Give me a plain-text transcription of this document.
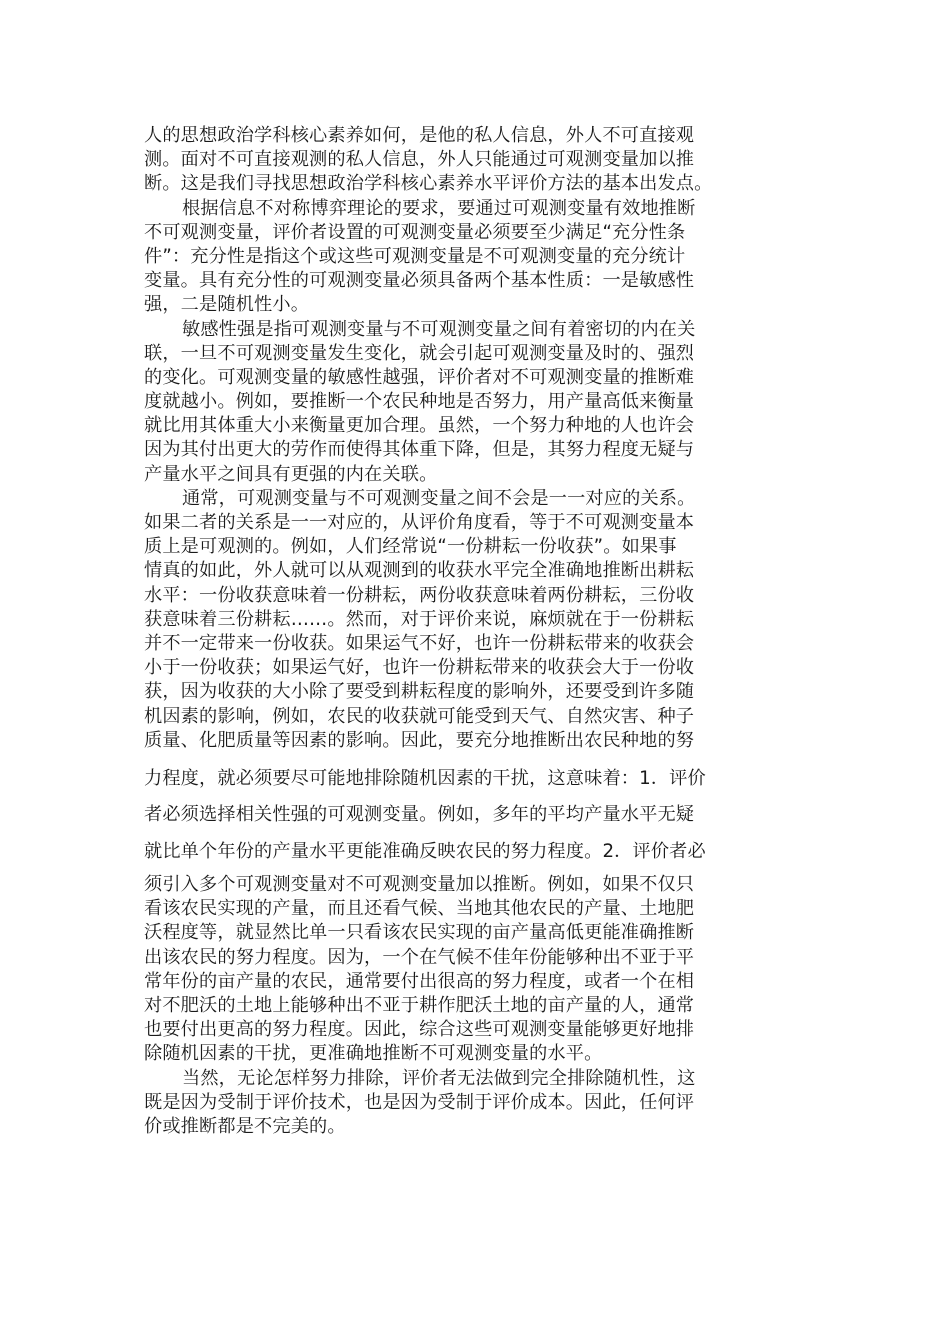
人的思想政治学科核心素养如何，是他的私人信息，外人不可直接观
测。面对不可直接观测的私人信息，外人只能通过可观测变量加以推
断。这是我们寻找思想政治学科核心素养水平评价方法的基本出发点。
根据信息不对称博弈理论的要求，要通过可观测变量有效地推断
不可观测变量，评价者设置的可观测变量必须要至少满足“充分性条
件”：充分性是指这个或这些可观测变量是不可观测变量的充分统计
变量。具有充分性的可观测变量必须具备两个基本性质：一是敏感性
强，二是随机性小。
敏感性强是指可观测变量与不可观测变量之间有着密切的内在关
联，一旦不可观测变量发生变化，就会引起可观测变量及时的、强烈
的变化。可观测变量的敏感性越强，评价者对不可观测变量的推断难
度就越小。例如，要推断一个农民种地是否努力，用产量高低来衡量
就比用其体重大小来衡量更加合理。虽然，一个努力种地的人也许会
因为其付出更大的劳作而使得其体重下降，但是，其努力程度无疑与
产量水平之间具有更强的内在关联。
通常，可观测变量与不可观测变量之间不会是一一对应的关系。
如果二者的关系是一一对应的，从评价角度看，等于不可观测变量本
质上是可观测的。例如，人们经常说“一份耕耘一份收获”。如果事
情真的如此，外人就可以从观测到的收获水平完全准确地推断出耕耘
水平：一份收获意味着一份耕耘，两份收获意味着两份耕耘，三份收
获意味着三份耕耘……。然而，对于评价来说，麻烦就在于一份耕耘
并不一定带来一份收获。如果运气不好，也许一份耕耘带来的收获会
小于一份收获；如果运气好，也许一份耕耘带来的收获会大于一份收
获，因为收获的大小除了要受到耕耘程度的影响外，还要受到许多随
机因素的影响，例如，农民的收获就可能受到天气、自然灾害、种子
质量、化肥质量等因素的影响。因此，要充分地推断出农民种地的努
力程度，就必须要尽可能地排除随机因素的干扰，这意味着：1．评价
者必须选择相关性强的可观测变量。例如，多年的平均产量水平无疑
就比单个年份的产量水平更能准确反映农民的努力程度。2．评价者必
须引入多个可观测变量对不可观测变量加以推断。例如，如果不仅只
看该农民实现的产量，而且还看气候、当地其他农民的产量、土地肥
沃程度等，就显然比单一只看该农民实现的亩产量高低更能准确推断
出该农民的努力程度。因为，一个在气候不佳年份能够种出不亚于平
常年份的亩产量的农民，通常要付出很高的努力程度，或者一个在相
对不肥沃的土地上能够种出不亚于耕作肥沃土地的亩产量的人，通常
也要付出更高的努力程度。因此，综合这些可观测变量能够更好地排
除随机因素的干扰，更准确地推断不可观测变量的水平。
当然，无论怎样努力排除，评价者无法做到完全排除随机性，这
既是因为受制于评价技术，也是因为受制于评价成本。因此，任何评
价或推断都是不完美的。
